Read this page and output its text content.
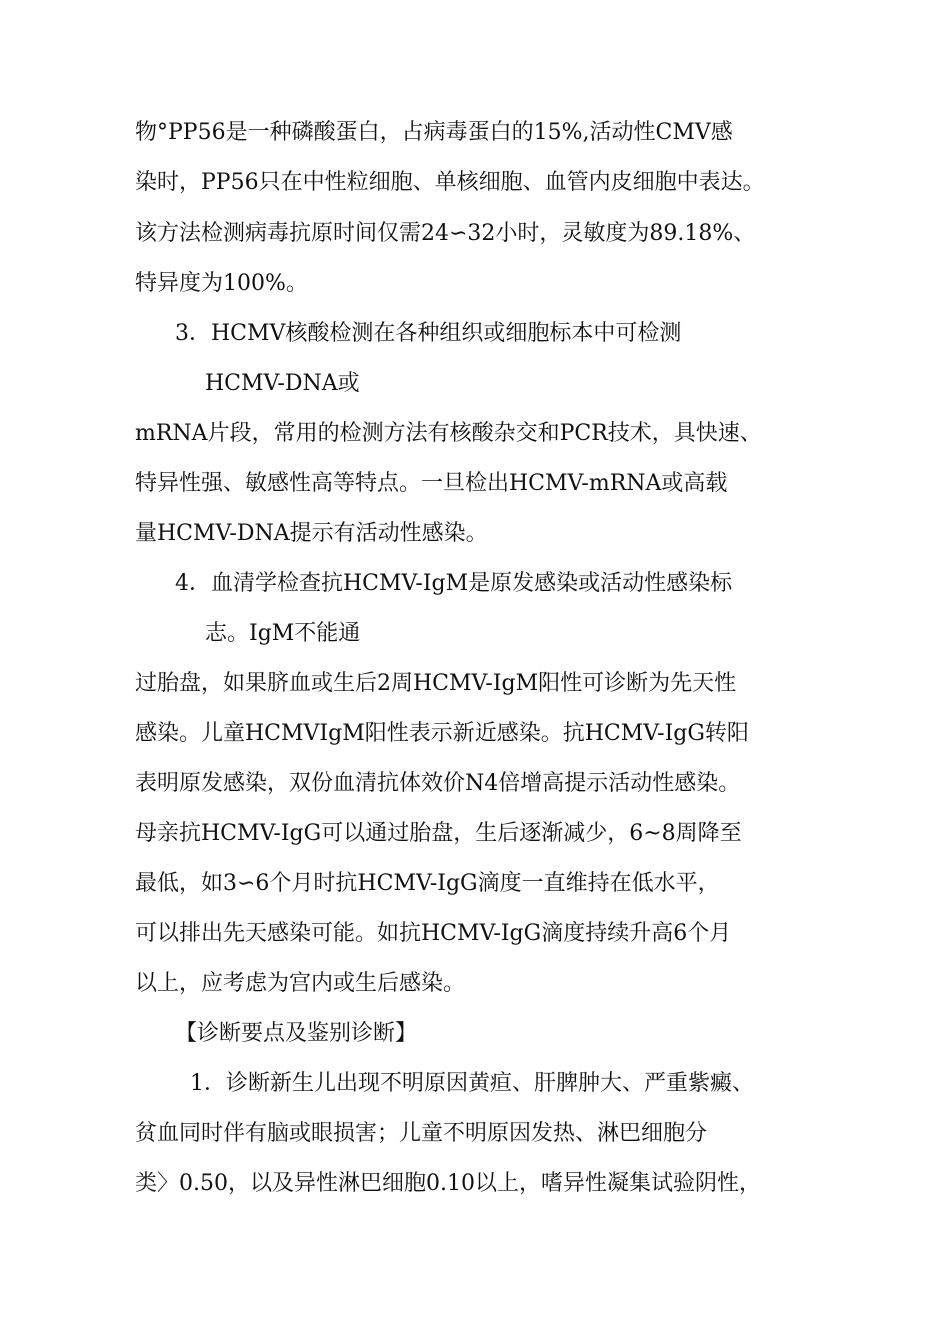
物°PP56是一种磷酸蛋白，占病毒蛋白的15%,活动性CMV感
染时，PP56只在中性粒细胞、单核细胞、血管内皮细胞中表达。
该方法检测病毒抗原时间仅需24∽32小时，灵敏度为89.18%、
特异度为100%。
3．HCMV核酸检测在各种组织或细胞标本中可检测
HCMV-DNA或
mRNA片段，常用的检测方法有核酸杂交和PCR技术，具快速、
特异性强、敏感性高等特点。一旦检出HCMV-mRNA或高载
量HCMV-DNA提示有活动性感染。
4．血清学检查抗HCMV-IgM是原发感染或活动性感染标
志。IgM不能通
过胎盘，如果脐血或生后2周HCMV-IgM阳性可诊断为先天性
感染。儿童HCMVIgM阳性表示新近感染。抗HCMV-IgG转阳
表明原发感染，双份血清抗体效价N4倍增高提示活动性感染。
母亲抗HCMV-IgG可以通过胎盘，生后逐渐减少，6~8周降至
最低，如3∽6个月时抗HCMV-IgG滴度一直维持在低水平，
可以排出先天感染可能。如抗HCMV-IgG滴度持续升高6个月
以上，应考虑为宫内或生后感染。
【诊断要点及鉴别诊断】
1．诊断新生儿出现不明原因黄疸、肝脾肿大、严重紫癜、
贫血同时伴有脑或眼损害；儿童不明原因发热、淋巴细胞分
类〉0.50，以及异性淋巴细胞0.10以上，嗜异性凝集试验阴性，
